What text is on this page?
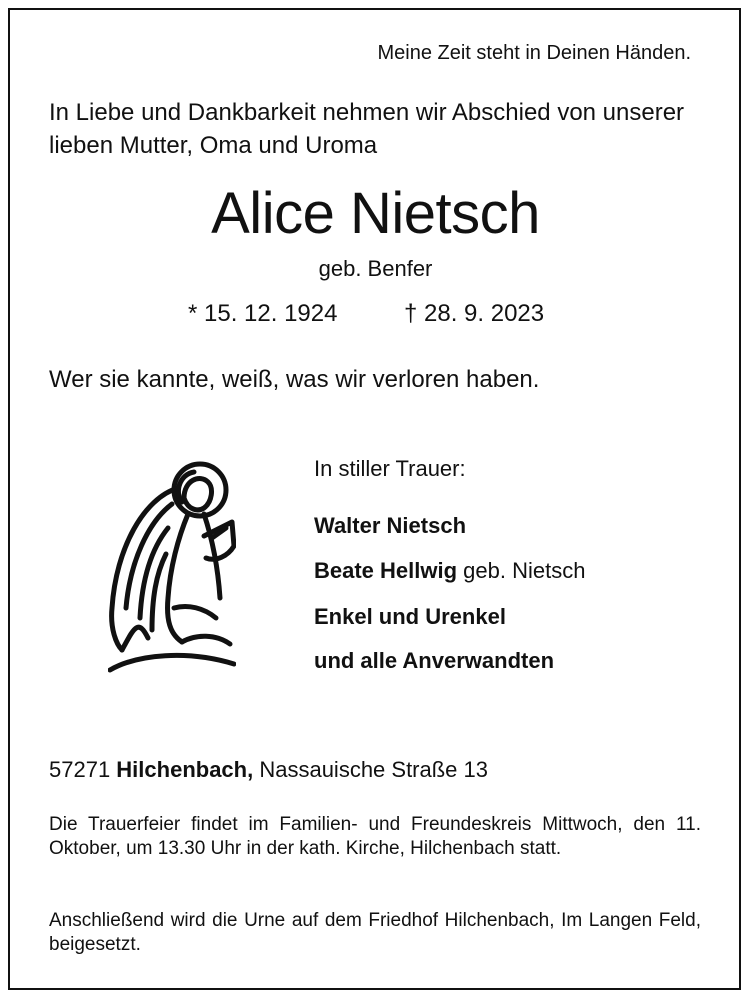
Meine Zeit steht in Deinen Händen.
In Liebe und Dankbarkeit nehmen wir Abschied von unserer lieben Mutter, Oma und Uroma
Alice Nietsch
geb. Benfer
* 15. 12. 1924	† 28. 9. 2023
Wer sie kannte, weiß, was wir verloren haben.
In stiller Trauer:
Walter Nietsch
Beate Hellwig geb. Nietsch
Enkel und Urenkel
und alle Anverwandten
57271 Hilchenbach, Nassauische Straße 13
Die Trauerfeier findet im Familien- und Freundeskreis Mittwoch, den 11. Oktober, um 13.30 Uhr in der kath. Kirche, Hilchenbach statt.
Anschließend wird die Urne auf dem Friedhof Hilchenbach, Im Langen Feld, beigesetzt.
